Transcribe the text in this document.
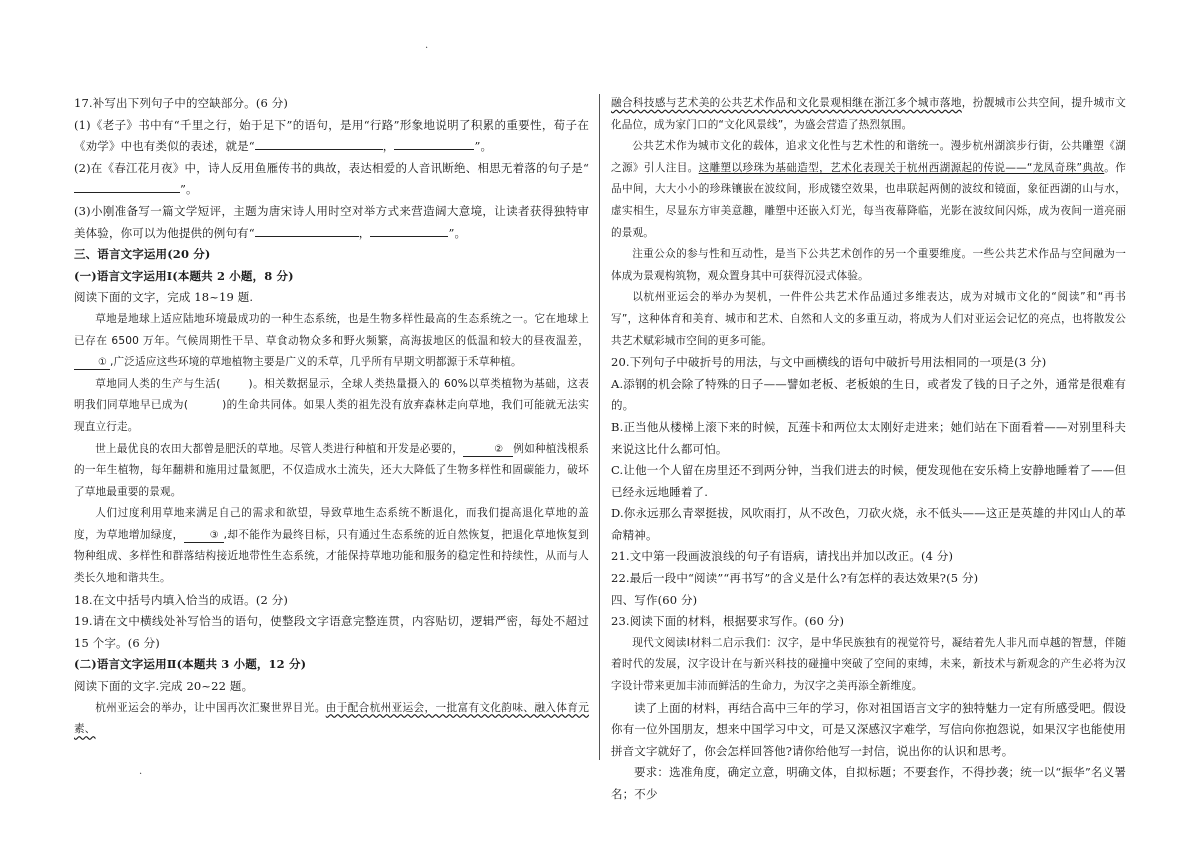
.
.

17.补写出下列句子中的空缺部分。(6 分)

(1)《老子》书中有“千里之行，始于足下”的语句，是用“行路”形象地说明了积累的重要性，荀子在《劝学》中也有类似的表述，就是“	，	”。

(2)在《春江花月夜》中，诗人反用鱼雁传书的典故，表达相爱的人音讯断绝、相思无着落的句子是“”。

(3)小刚准备写一篇文学短评，主题为唐宋诗人用时空对举方式来营造阔大意境，让读者获得独特审美体验，你可以为他提供的例句有“	，	”。

三、语言文字运用(20 分)

(一)语言文字运用Ⅰ(本题共 2 小题，8 分)

阅读下面的文字，完成 18~19 题.

草地是地球上适应陆地环境最成功的一种生态系统，也是生物多样性最高的生态系统之一。它在地球上已存在 6500 万年。气候周期性干旱、草食动物众多和野火频繁，高海拔地区的低温和较大的昼夜温差，① ,广泛适应这些环境的草地植物主要是广义的禾草，几乎所有早期文明都源于禾草种植。

草地同人类的生产与生活(	)。相关数据显示，全球人类热量摄入的 60%以草类植物为基础，这表明我们同草地早已成为(	)的生命共同体。如果人类的祖先没有放弃森林走向草地，我们可能就无法实现直立行走。

世上最优良的农田大都曾是肥沃的草地。尽管人类进行种植和开发是必要的，	② 例如种植浅根系的一年生植物，每年翻耕和施用过量氮肥，不仅造成水土流失，还大大降低了生物多样性和固碳能力，破坏了草地最重要的景观。

人们过度利用草地来满足自己的需求和欲望，导致草地生态系统不断退化，而我们提高退化草地的盖度，为草地增加绿度，	③ ,却不能作为最终目标，只有通过生态系统的近自然恢复，把退化草地恢复到物种组成、多样性和群落结构接近地带性生态系统，才能保持草地功能和服务的稳定性和持续性，从而与人类长久地和谐共生。

18.在文中括号内填入恰当的成语。(2 分)

19.请在文中横线处补写恰当的语句，使整段文字语意完整连贯，内容贴切，逻辑严密，每处不超过 15 个字。(6 分)

(二)语言文字运用Ⅱ(本题共 3 小题，12 分)

阅读下面的文字.完成 20~22 题。

杭州亚运会的举办，让中国再次汇聚世界目光。由于配合杭州亚运会，一批富有文化韵味、融入体育元素、

融合科技感与艺术美的公共艺术作品和文化景观相继在浙江多个城市落地，扮靓城市公共空间，提升城市文化品位，成为家门口的“文化风景线”，为盛会营造了热烈氛围。

公共艺术作为城市文化的载体，追求文化性与艺术性的和谐统一。漫步杭州湖滨步行街，公共雕塑《湖之源》引人注目。这雕塑以珍珠为基础造型，艺术化表现关于杭州西湖源起的传说——“龙凤奇珠”典故。作品中间，大大小小的珍珠镶嵌在波纹间，形成镂空效果，也串联起两侧的波纹和镜面，象征西湖的山与水，虚实相生，尽显东方审美意趣，雕塑中还嵌入灯光，每当夜幕降临，光影在波纹间闪烁，成为夜间一道亮丽的景观。

注重公众的参与性和互动性，是当下公共艺术创作的另一个重要维度。一些公共艺术作品与空间融为一体成为景观构筑物，观众置身其中可获得沉浸式体验。

以杭州亚运会的举办为契机，一件件公共艺术作品通过多维表达，成为对城市文化的“阅读”和“再书写”，这种体育和美育、城市和艺术、自然和人文的多重互动，将成为人们对亚运会记忆的亮点，也将散发公共艺术赋彩城市空间的更多可能。

20.下列句子中破折号的用法，与文中画横线的语句中破折号用法相同的一项是(3 分)

A.添钢的机会除了特殊的日子——譬如老板、老板娘的生日，或者发了钱的日子之外，通常是很难有的。

B.正当他从楼梯上滚下来的时候，瓦莲卡和两位太太刚好走进来；她们站在下面看着——对别里科夫来说这比什么都可怕。

C.让他一个人留在房里还不到两分钟，当我们进去的时候，便发现他在安乐椅上安静地睡着了——但已经永远地睡着了.

D.你永远那么青翠挺拔，风吹雨打，从不改色，刀砍火烧，永不低头——这正是英雄的井冈山人的革命精神。

21.文中第一段画波浪线的句子有语病，请找出并加以改正。(4 分)

22.最后一段中“阅读”“再书写”的含义是什么?有怎样的表达效果?(5 分)

四、写作(60 分)

23.阅读下面的材料，根据要求写作。(60 分)

现代文阅读Ⅰ材料二启示我们：汉字，是中华民族独有的视觉符号，凝结着先人非凡而卓越的智慧，伴随着时代的发展，汉字设计在与新兴科技的碰撞中突破了空间的束缚，未来，新技术与新观念的产生必将为汉字设计带来更加丰沛而鲜活的生命力，为汉字之美再添全新维度。

读了上面的材料，再结合高中三年的学习，你对祖国语言文字的独特魅力一定有所感受吧。假设你有一位外国朋友，想来中国学习中文，可是又深感汉字难学，写信向你抱怨说，如果汉字也能使用拼音文字就好了，你会怎样回答他?请你给他写一封信，说出你的认识和思考。

要求：选准角度，确定立意，明确文体，自拟标题；不要套作，不得抄袭；统一以“振华”名义署名；不少
